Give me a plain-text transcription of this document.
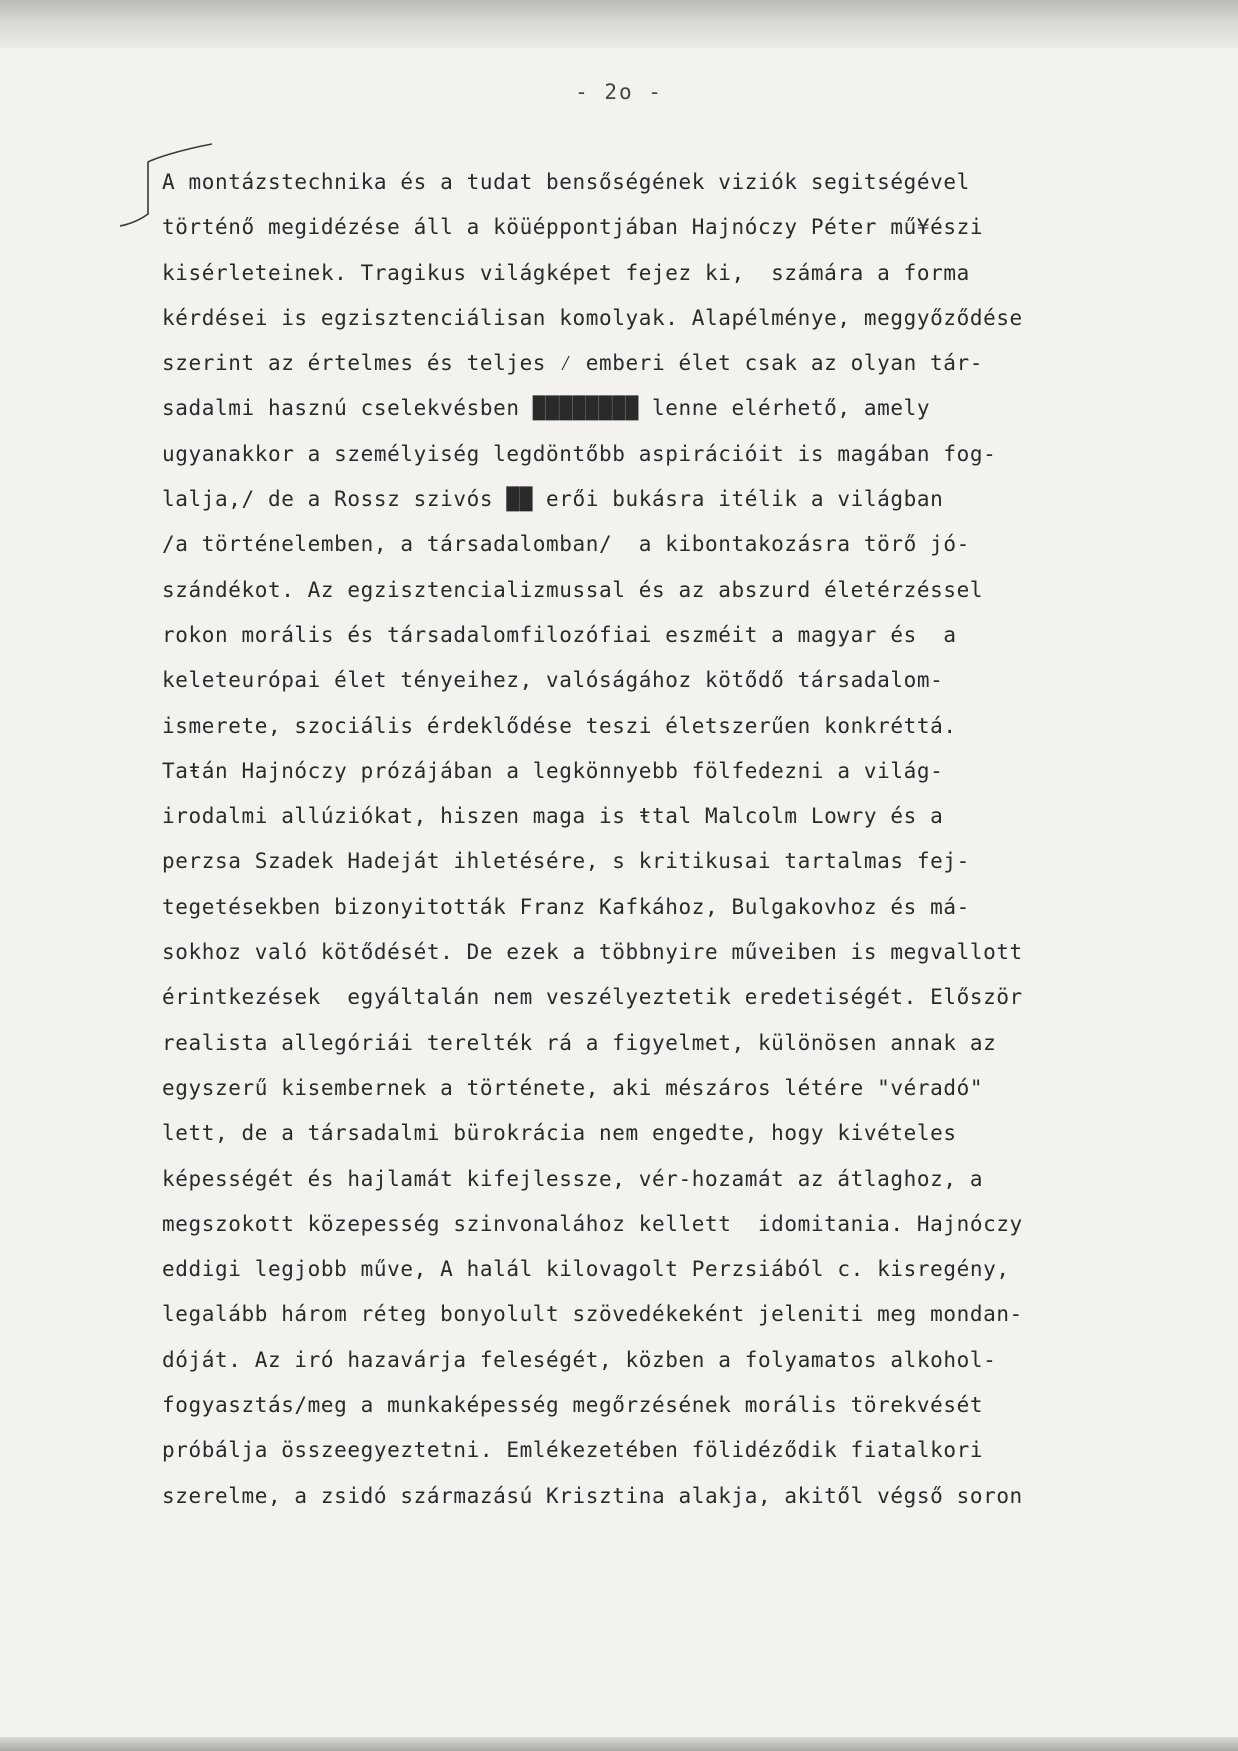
- 2o -
A montázstechnika és a tudat bensőségének viziók segitségével
történő megidézése áll a köüéppontjában Hajnóczy Péter mű¥észi
kisérleteinek. Tragikus világképet fejez ki,  számára a forma
kérdései is egzisztenciálisan komolyak. Alapélménye, meggyőződése
szerint az értelmes és teljes ⁄ emberi élet csak az olyan tár-
sadalmi hasznú cselekvésben ████████ lenne elérhető, amely
ugyanakkor a személyiség legdöntőbb aspirációit is magában fog-
lalja,/ de a Rossz szivós ██ erői bukásra itélik a világban
/a történelemben, a társadalomban/  a kibontakozásra törő jó-
szándékot. Az egzisztencializmussal és az abszurd életérzéssel
rokon morális és társadalomfilozófiai eszméit a magyar és  a
keleteurópai élet tényeihez, valóságához kötődő társadalom-
ismerete, szociális érdeklődése teszi életszerűen konkréttá.
Taŧán Hajnóczy prózájában a legkönnyebb fölfedezni a világ-
irodalmi allúziókat, hiszen maga is ŧtal Malcolm Lowry és a
perzsa Szadek Hadeját ihletésére, s kritikusai tartalmas fej-
tegetésekben bizonyitották Franz Kafkához, Bulgakovhoz és má-
sokhoz való kötődését. De ezek a többnyire műveiben is megvallott
érintkezések  egyáltalán nem veszélyeztetik eredetiségét. Először
realista allegóriái terelték rá a figyelmet, különösen annak az
egyszerű kisembernek a története, aki mészáros létére "véradó"
lett, de a társadalmi bürokrácia nem engedte, hogy kivételes
képességét és hajlamát kifejlessze, vér-hozamát az átlaghoz, a
megszokott közepesség szinvonalához kellett  idomitania. Hajnóczy
eddigi legjobb műve, A halál kilovagolt Perzsiából c. kisregény,
legalább három réteg bonyolult szövedékeként jeleniti meg mondan-
dóját. Az iró hazavárja feleségét, közben a folyamatos alkohol-
fogyasztás/meg a munkaképesség megőrzésének morális törekvését
próbálja összeegyeztetni. Emlékezetében fölidéződik fiatalkori
szerelme, a zsidó származású Krisztina alakja, akitől végső soron
